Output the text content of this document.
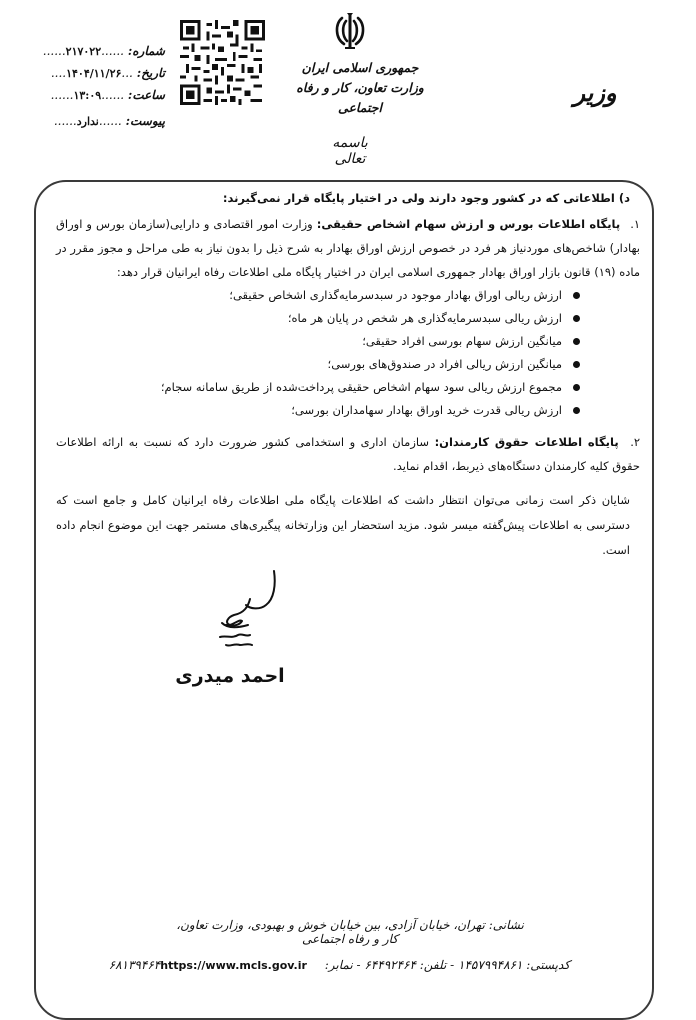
شماره: ......۲۱۷۰۲۲......
تاریخ: ...۱۴۰۴/۱۱/۲۶....
ساعت: ......۱۳:۰۹......
پیوست: ......ندارد......
جمهوری اسلامی ایران
وزارت تعاون، کار و رفاه اجتماعی
باسمه تعالی
وزیر
د) اطلاعاتی که در کشور وجود دارند ولی در اختیار پایگاه قرار نمی‌گیرند:
۱. پایگاه اطلاعات بورس و ارزش سهام اشخاص حقیقی: وزارت امور اقتصادی و دارایی(سازمان بورس و اوراق بهادار) شاخص‌های موردنیاز هر فرد در خصوص ارزش اوراق بهادار به شرح ذیل را بدون نیاز به طی مراحل و مجوز مقرر در ماده (۱۹) قانون بازار اوراق بهادار جمهوری اسلامی ایران در اختیار پایگاه ملی اطلاعات رفاه ایرانیان قرار دهد:
ارزش ریالی اوراق بهادار موجود در سبدسرمایه‌گذاری اشخاص حقیقی؛
ارزش ریالی سبدسرمایه‌گذاری هر شخص در پایان هر ماه؛
میانگین ارزش سهام بورسی افراد حقیقی؛
میانگین ارزش ریالی افراد در صندوق‌های بورسی؛
مجموع ارزش ریالی سود سهام اشخاص حقیقی پرداخت‌شده از طریق سامانه سجام؛
ارزش ریالی قدرت خرید اوراق بهادار سهامداران بورسی؛
۲. پایگاه اطلاعات حقوق کارمندان: سازمان اداری و استخدامی کشور ضرورت دارد که نسبت به ارائه اطلاعات حقوق کلیه کارمندان دستگاه‌های ذیربط، اقدام نماید.
شایان ذکر است زمانی می‌توان انتظار داشت که اطلاعات پایگاه ملی اطلاعات رفاه ایرانیان کامل و جامع است که دسترسی به اطلاعات پیش‌گفته میسر شود. مزید استحضار این وزارتخانه پیگیری‌های مستمر جهت این موضوع انجام داده است.
مسعودی
احمد میدری
نشانی: تهران، خیابان آزادی، بین خیابان خوش و بهبودی، وزارت تعاون، کار و رفاه اجتماعی
کدپستی: ۱۴۵۷۹۹۴۸۶۱ - تلفن: ۶۴۴۹۲۴۶۴ - نمابر: ۶۸۱۳۹۴۶۴https://www.mcls.gov.ir
